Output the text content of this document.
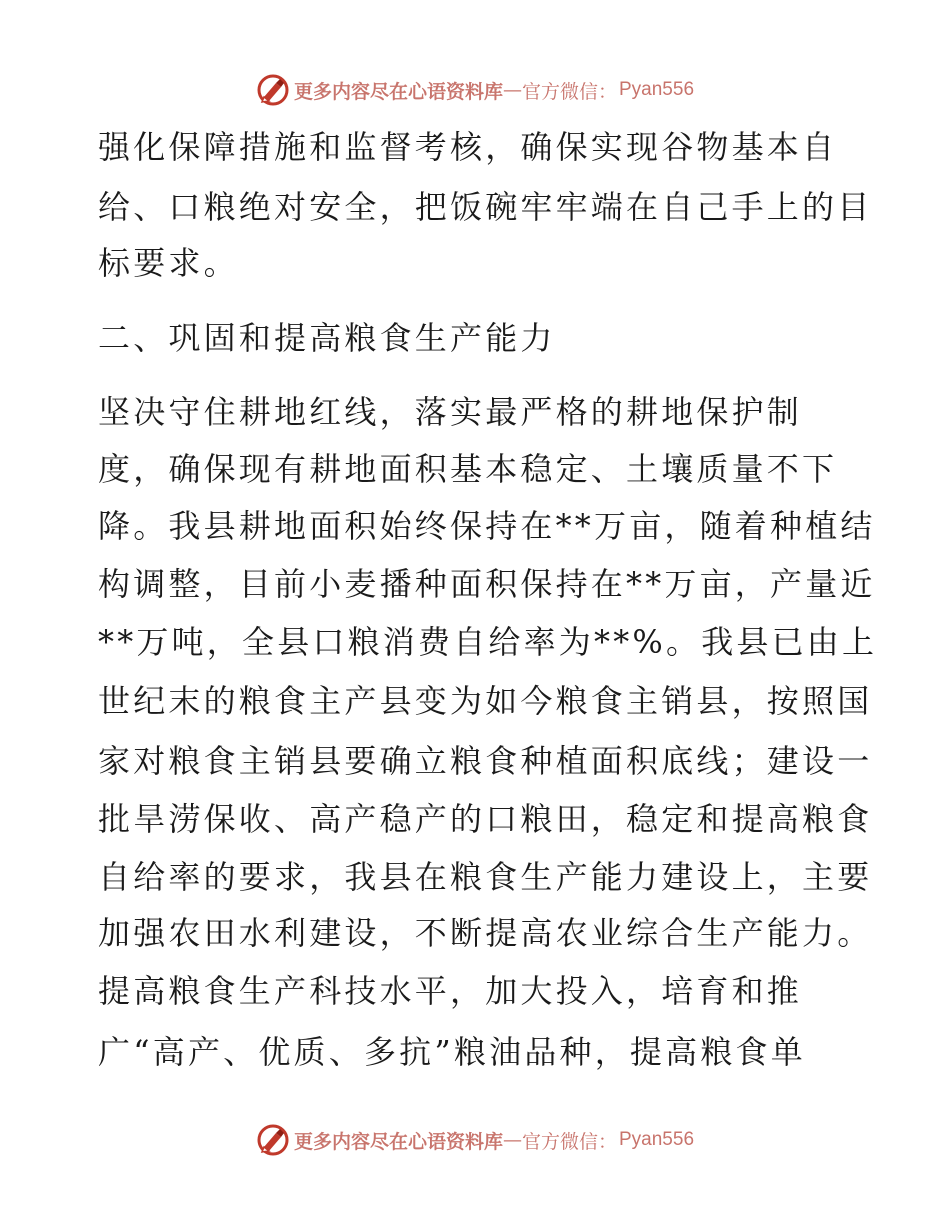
更多内容尽在心语资料库 — 官方微信： Pyan556
强化保障措施和监督考核，确保实现谷物基本自
给、口粮绝对安全，把饭碗牢牢端在自己手上的目
标要求。
二、巩固和提高粮食生产能力
坚决守住耕地红线，落实最严格的耕地保护制
度，确保现有耕地面积基本稳定、土壤质量不下
降。我县耕地面积始终保持在**万亩，随着种植结
构调整，目前小麦播种面积保持在**万亩，产量近
**万吨，全县口粮消费自给率为**%。我县已由上
世纪末的粮食主产县变为如今粮食主销县，按照国
家对粮食主销县要确立粮食种植面积底线；建设一
批旱涝保收、高产稳产的口粮田，稳定和提高粮食
自给率的要求，我县在粮食生产能力建设上，主要
加强农田水利建设，不断提高农业综合生产能力。
提高粮食生产科技水平，加大投入，培育和推
广“高产、优质、多抗”粮油品种，提高粮食单
更多内容尽在心语资料库 — 官方微信： Pyan556
